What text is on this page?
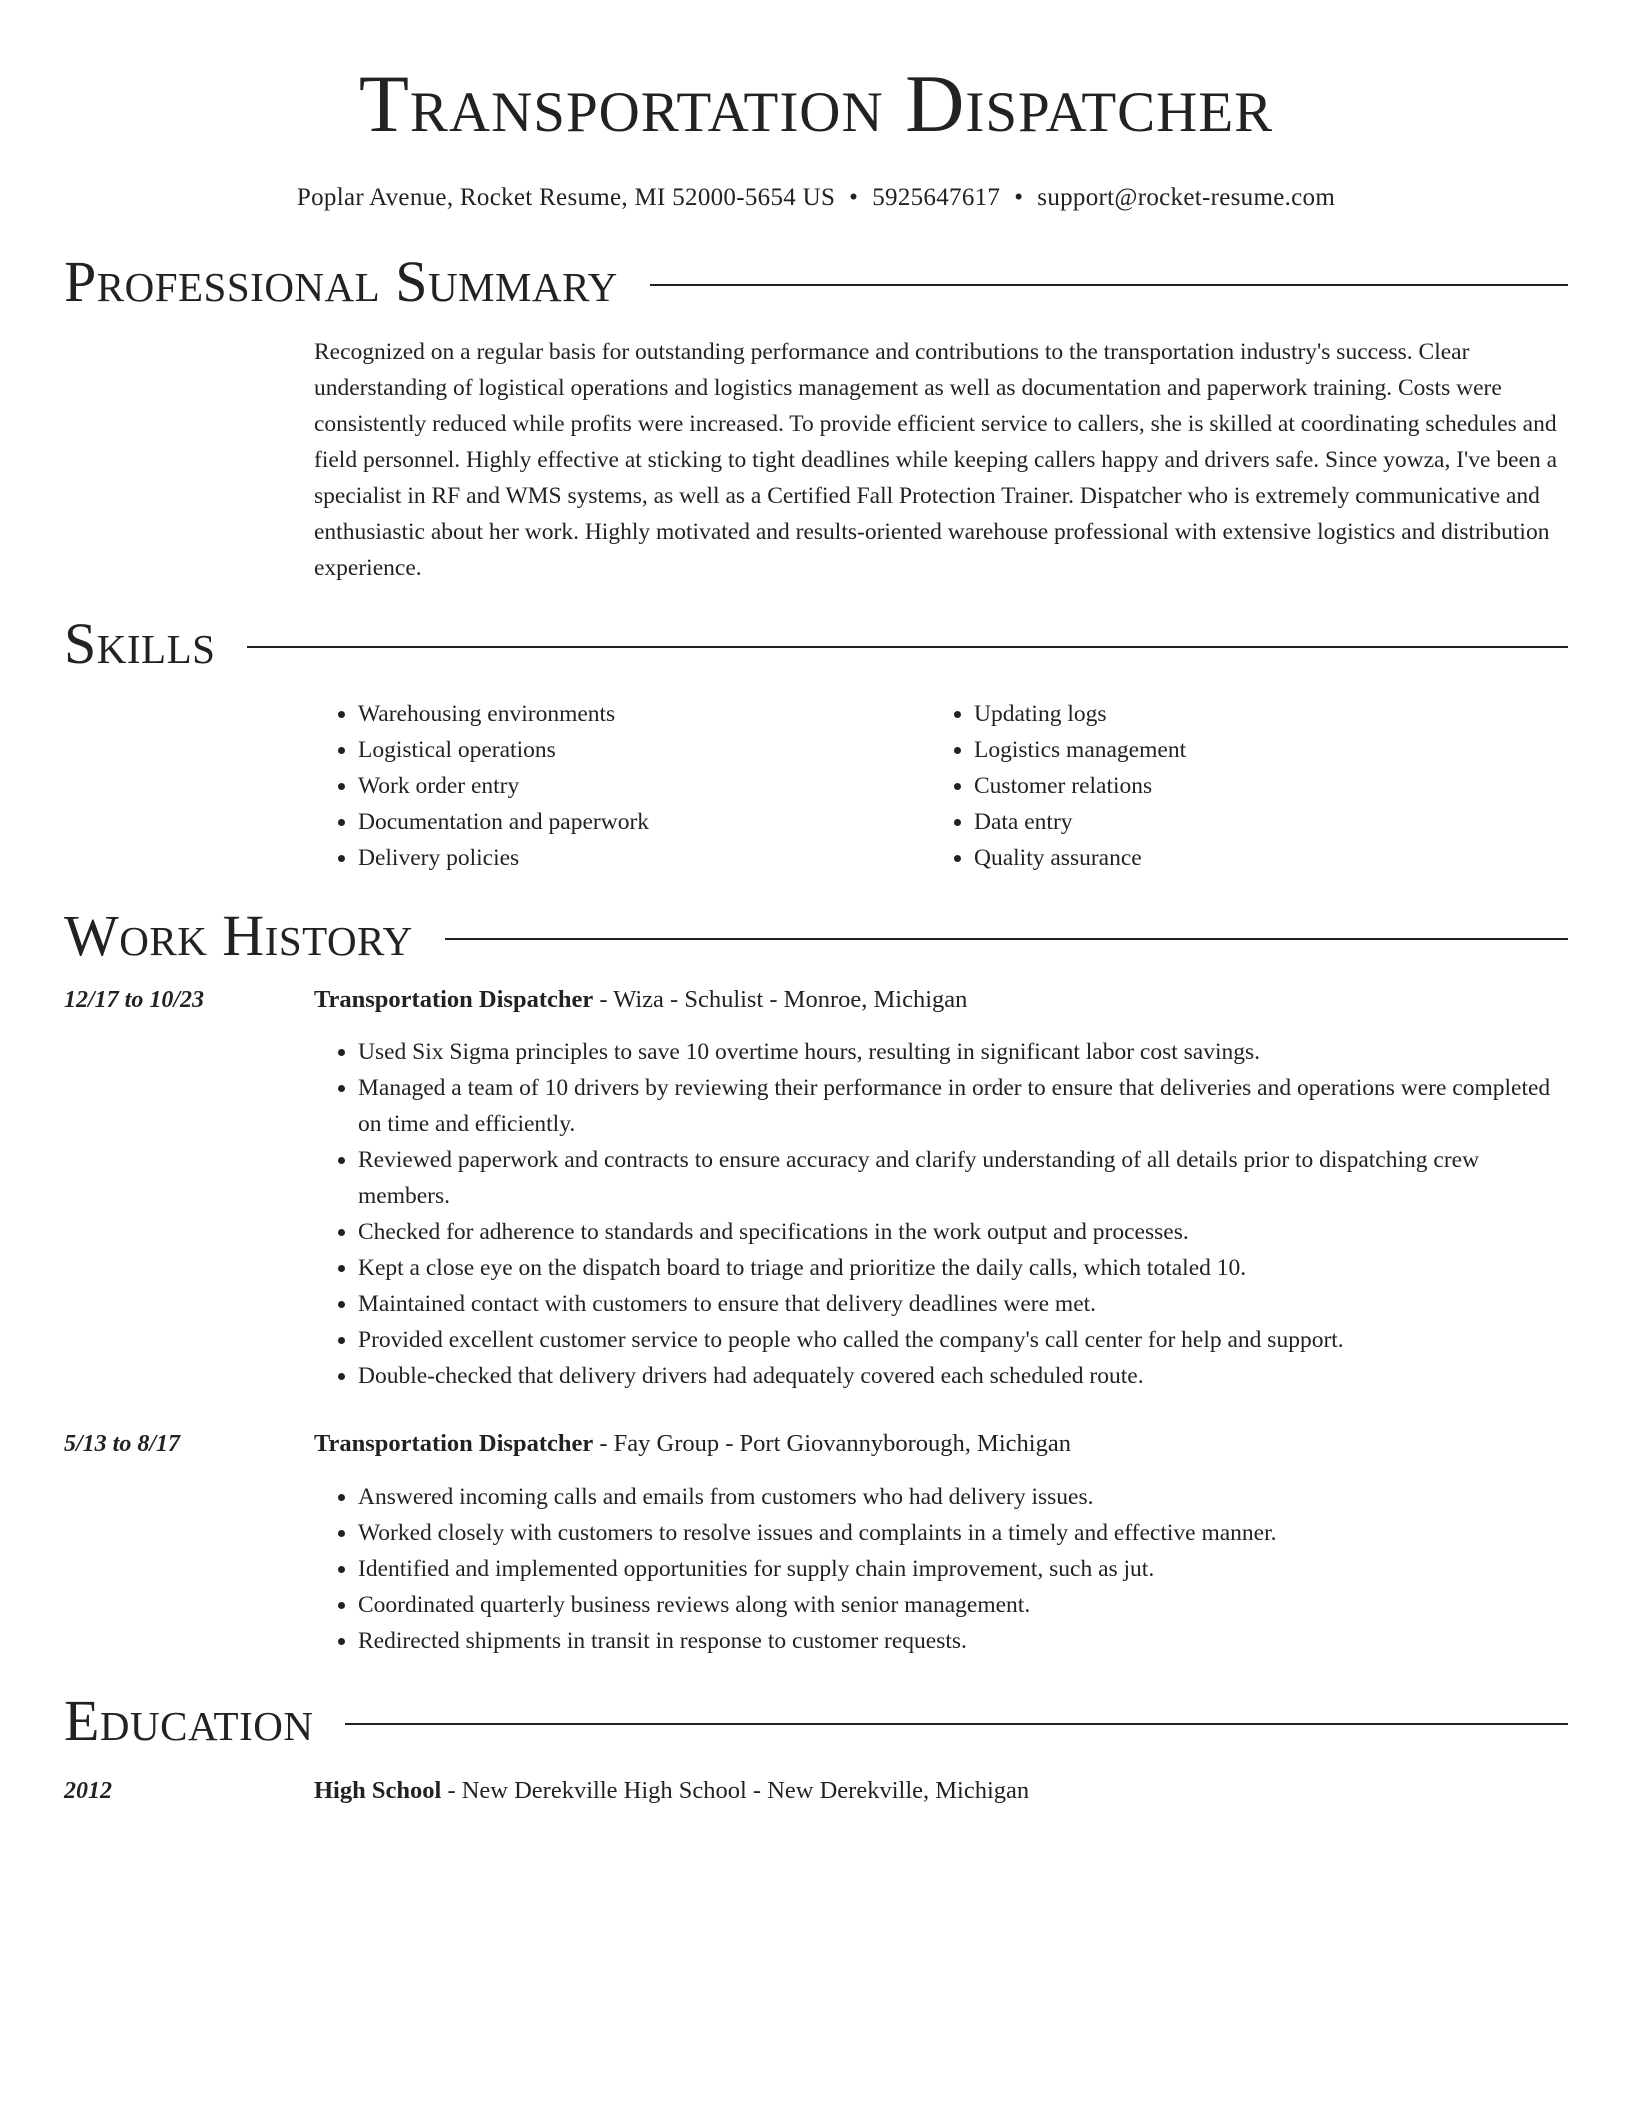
Transportation Dispatcher
Poplar Avenue, Rocket Resume, MI 52000-5654 US • 5925647617 • support@rocket-resume.com
Professional Summary
Recognized on a regular basis for outstanding performance and contributions to the transportation industry's success. Clear understanding of logistical operations and logistics management as well as documentation and paperwork training. Costs were consistently reduced while profits were increased. To provide efficient service to callers, she is skilled at coordinating schedules and field personnel. Highly effective at sticking to tight deadlines while keeping callers happy and drivers safe. Since yowza, I've been a specialist in RF and WMS systems, as well as a Certified Fall Protection Trainer. Dispatcher who is extremely communicative and enthusiastic about her work. Highly motivated and results-oriented warehouse professional with extensive logistics and distribution experience.
Skills
• Warehousing environments
• Logistical operations
• Work order entry
• Documentation and paperwork
• Delivery policies
• Updating logs
• Logistics management
• Customer relations
• Data entry
• Quality assurance
Work History
12/17 to 10/23	Transportation Dispatcher - Wiza - Schulist - Monroe, Michigan
• Used Six Sigma principles to save 10 overtime hours, resulting in significant labor cost savings.
• Managed a team of 10 drivers by reviewing their performance in order to ensure that deliveries and operations were completed on time and efficiently.
• Reviewed paperwork and contracts to ensure accuracy and clarify understanding of all details prior to dispatching crew members.
• Checked for adherence to standards and specifications in the work output and processes.
• Kept a close eye on the dispatch board to triage and prioritize the daily calls, which totaled 10.
• Maintained contact with customers to ensure that delivery deadlines were met.
• Provided excellent customer service to people who called the company's call center for help and support.
• Double-checked that delivery drivers had adequately covered each scheduled route.
5/13 to 8/17	Transportation Dispatcher - Fay Group - Port Giovannyborough, Michigan
• Answered incoming calls and emails from customers who had delivery issues.
• Worked closely with customers to resolve issues and complaints in a timely and effective manner.
• Identified and implemented opportunities for supply chain improvement, such as jut.
• Coordinated quarterly business reviews along with senior management.
• Redirected shipments in transit in response to customer requests.
Education
2012	High School - New Derekville High School - New Derekville, Michigan
